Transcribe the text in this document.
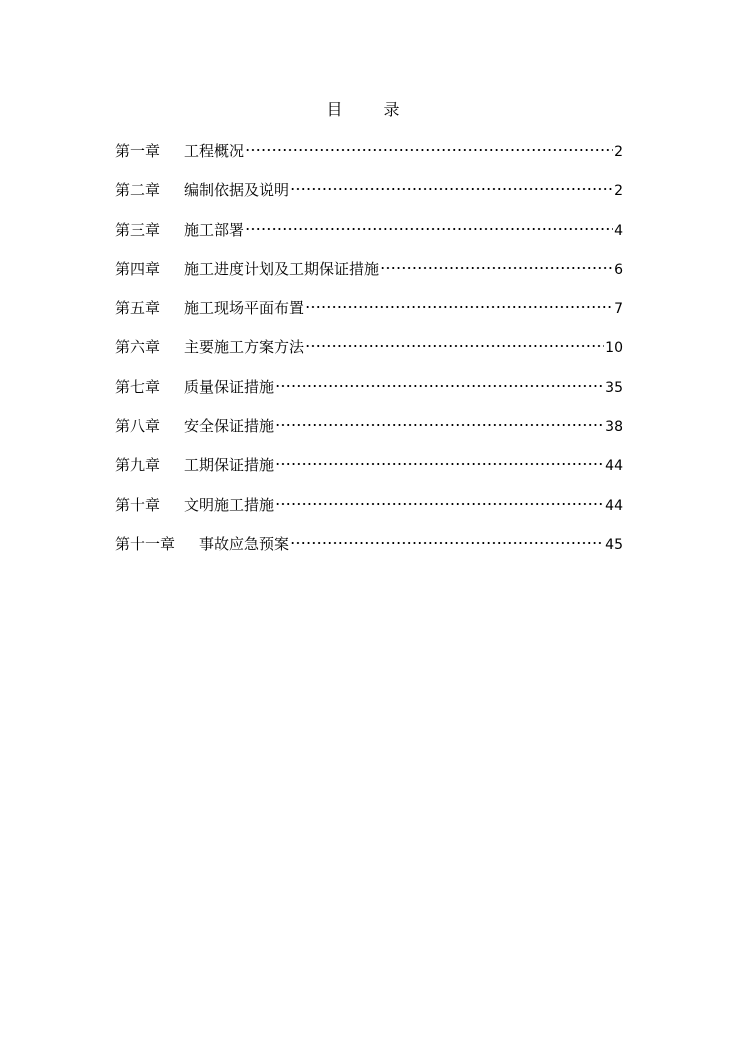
目 录
第一章	工程概况	2
第二章	编制依据及说明	2
第三章	施工部署	4
第四章	施工进度计划及工期保证措施	6
第五章	施工现场平面布置	7
第六章	主要施工方案方法	10
第七章	质量保证措施	35
第八章	安全保证措施	38
第九章	工期保证措施	44
第十章	文明施工措施	44
第十一章	事故应急预案	45
